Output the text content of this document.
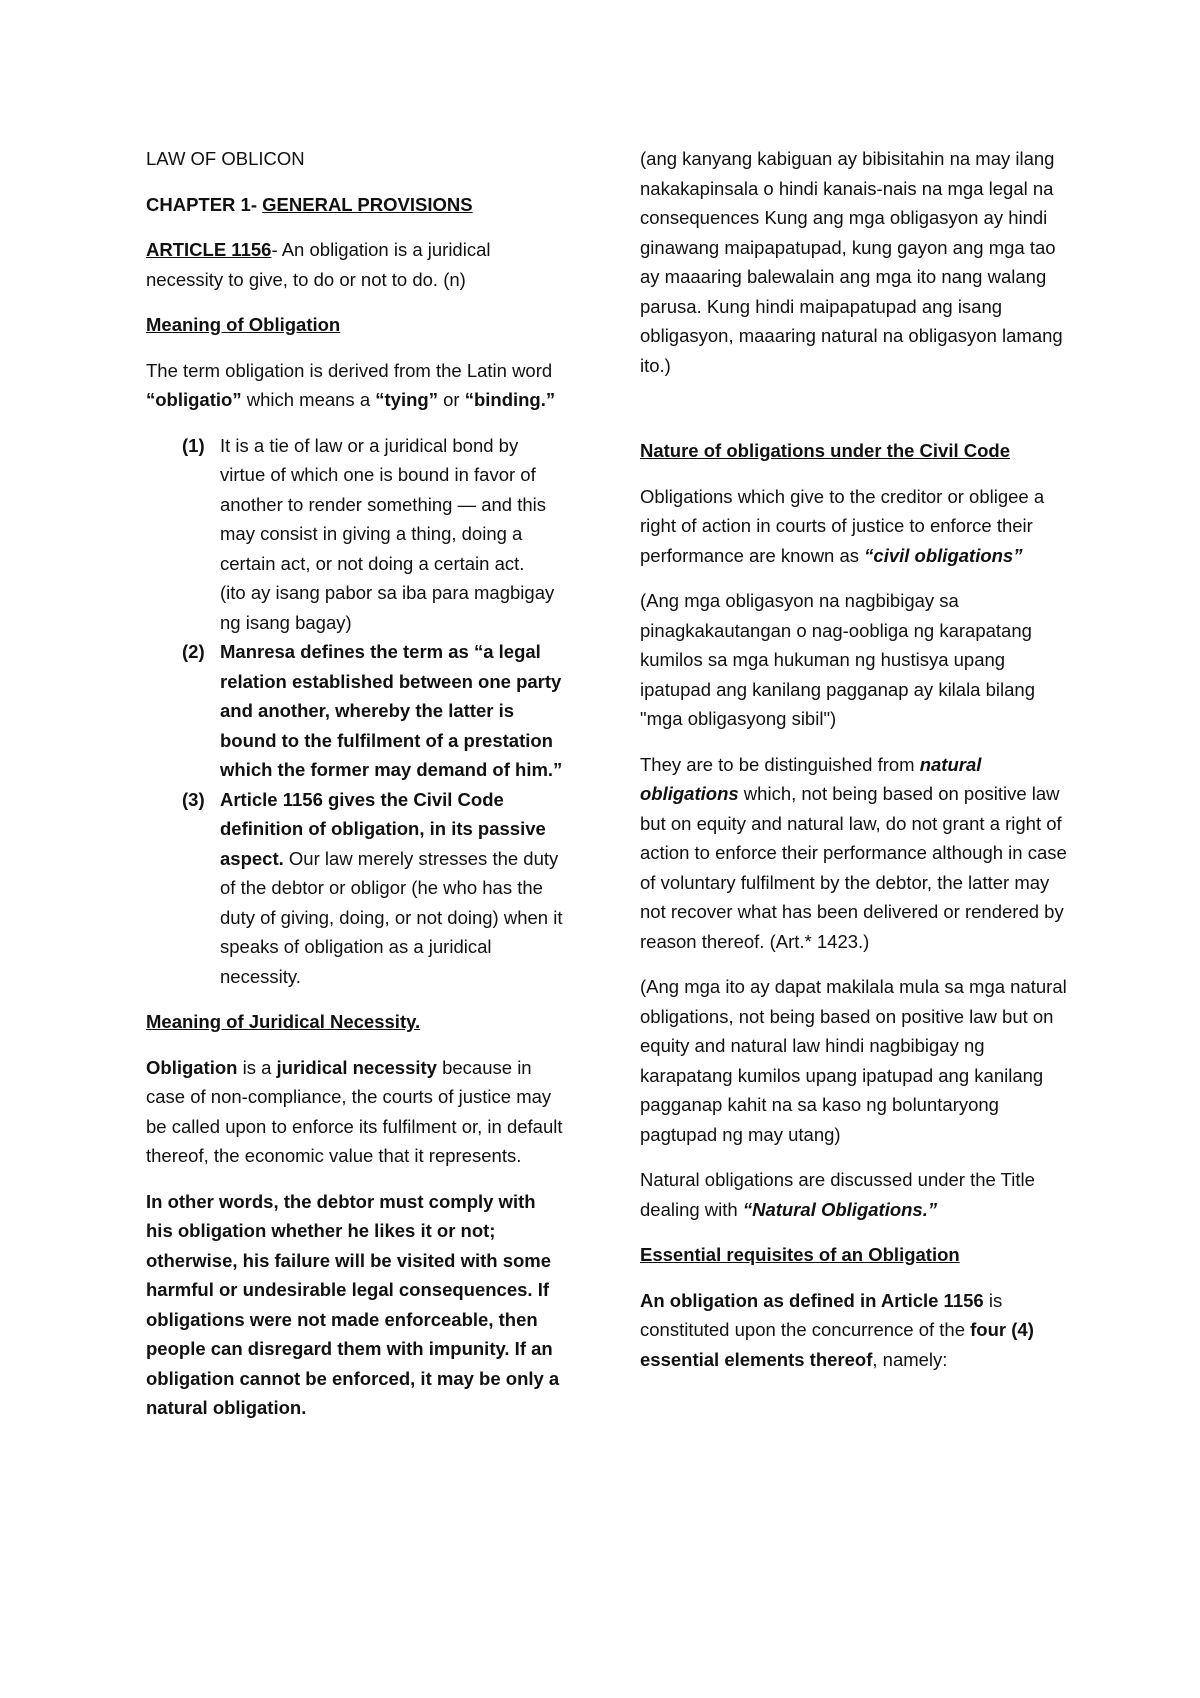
LAW OF OBLICON

CHAPTER 1- GENERAL PROVISIONS

ARTICLE 1156- An obligation is a juridical necessity to give, to do or not to do. (n)

Meaning of Obligation

The term obligation is derived from the Latin word “obligatio” which means a “tying” or “binding.”

(1) It is a tie of law or a juridical bond by virtue of which one is bound in favor of another to render something — and this may consist in giving a thing, doing a certain act, or not doing a certain act.
(ito ay isang pabor sa iba para magbigay ng isang bagay)
(2) Manresa defines the term as “a legal relation established between one party and another, whereby the latter is bound to the fulfilment of a prestation which the former may demand of him.”
(3) Article 1156 gives the Civil Code definition of obligation, in its passive aspect. Our law merely stresses the duty of the debtor or obligor (he who has the duty of giving, doing, or not doing) when it speaks of obligation as a juridical necessity.

Meaning of Juridical Necessity.

Obligation is a juridical necessity because in case of non-compliance, the courts of justice may be called upon to enforce its fulfilment or, in default thereof, the economic value that it represents.

In other words, the debtor must comply with his obligation whether he likes it or not; otherwise, his failure will be visited with some harmful or undesirable legal consequences. If obligations were not made enforceable, then people can disregard them with impunity. If an obligation cannot be enforced, it may be only a natural obligation.

(ang kanyang kabiguan ay bibisitahin na may ilang nakakapinsala o hindi kanais-nais na mga legal na consequences Kung ang mga obligasyon ay hindi ginawang maipapatupad, kung gayon ang mga tao ay maaaring balewalain ang mga ito nang walang parusa. Kung hindi maipapatupad ang isang obligasyon, maaaring natural na obligasyon lamang ito.)

Nature of obligations under the Civil Code

Obligations which give to the creditor or obligee a right of action in courts of justice to enforce their performance are known as “civil obligations”

(Ang mga obligasyon na nagbibigay sa pinagkakautangan o nag-oobliga ng karapatang kumilos sa mga hukuman ng hustisya upang ipatupad ang kanilang pagganap ay kilala bilang "mga obligasyong sibil")

They are to be distinguished from natural obligations which, not being based on positive law but on equity and natural law, do not grant a right of action to enforce their performance although in case of voluntary fulfilment by the debtor, the latter may not recover what has been delivered or rendered by reason thereof. (Art.* 1423.)

(Ang mga ito ay dapat makilala mula sa mga natural obligations, not being based on positive law but on equity and natural law hindi nagbibigay ng karapatang kumilos upang ipatupad ang kanilang pagganap kahit na sa kaso ng boluntaryong pagtupad ng may utang)

Natural obligations are discussed under the Title dealing with “Natural Obligations.”

Essential requisites of an Obligation

An obligation as defined in Article 1156 is constituted upon the concurrence of the four (4) essential elements thereof, namely:
